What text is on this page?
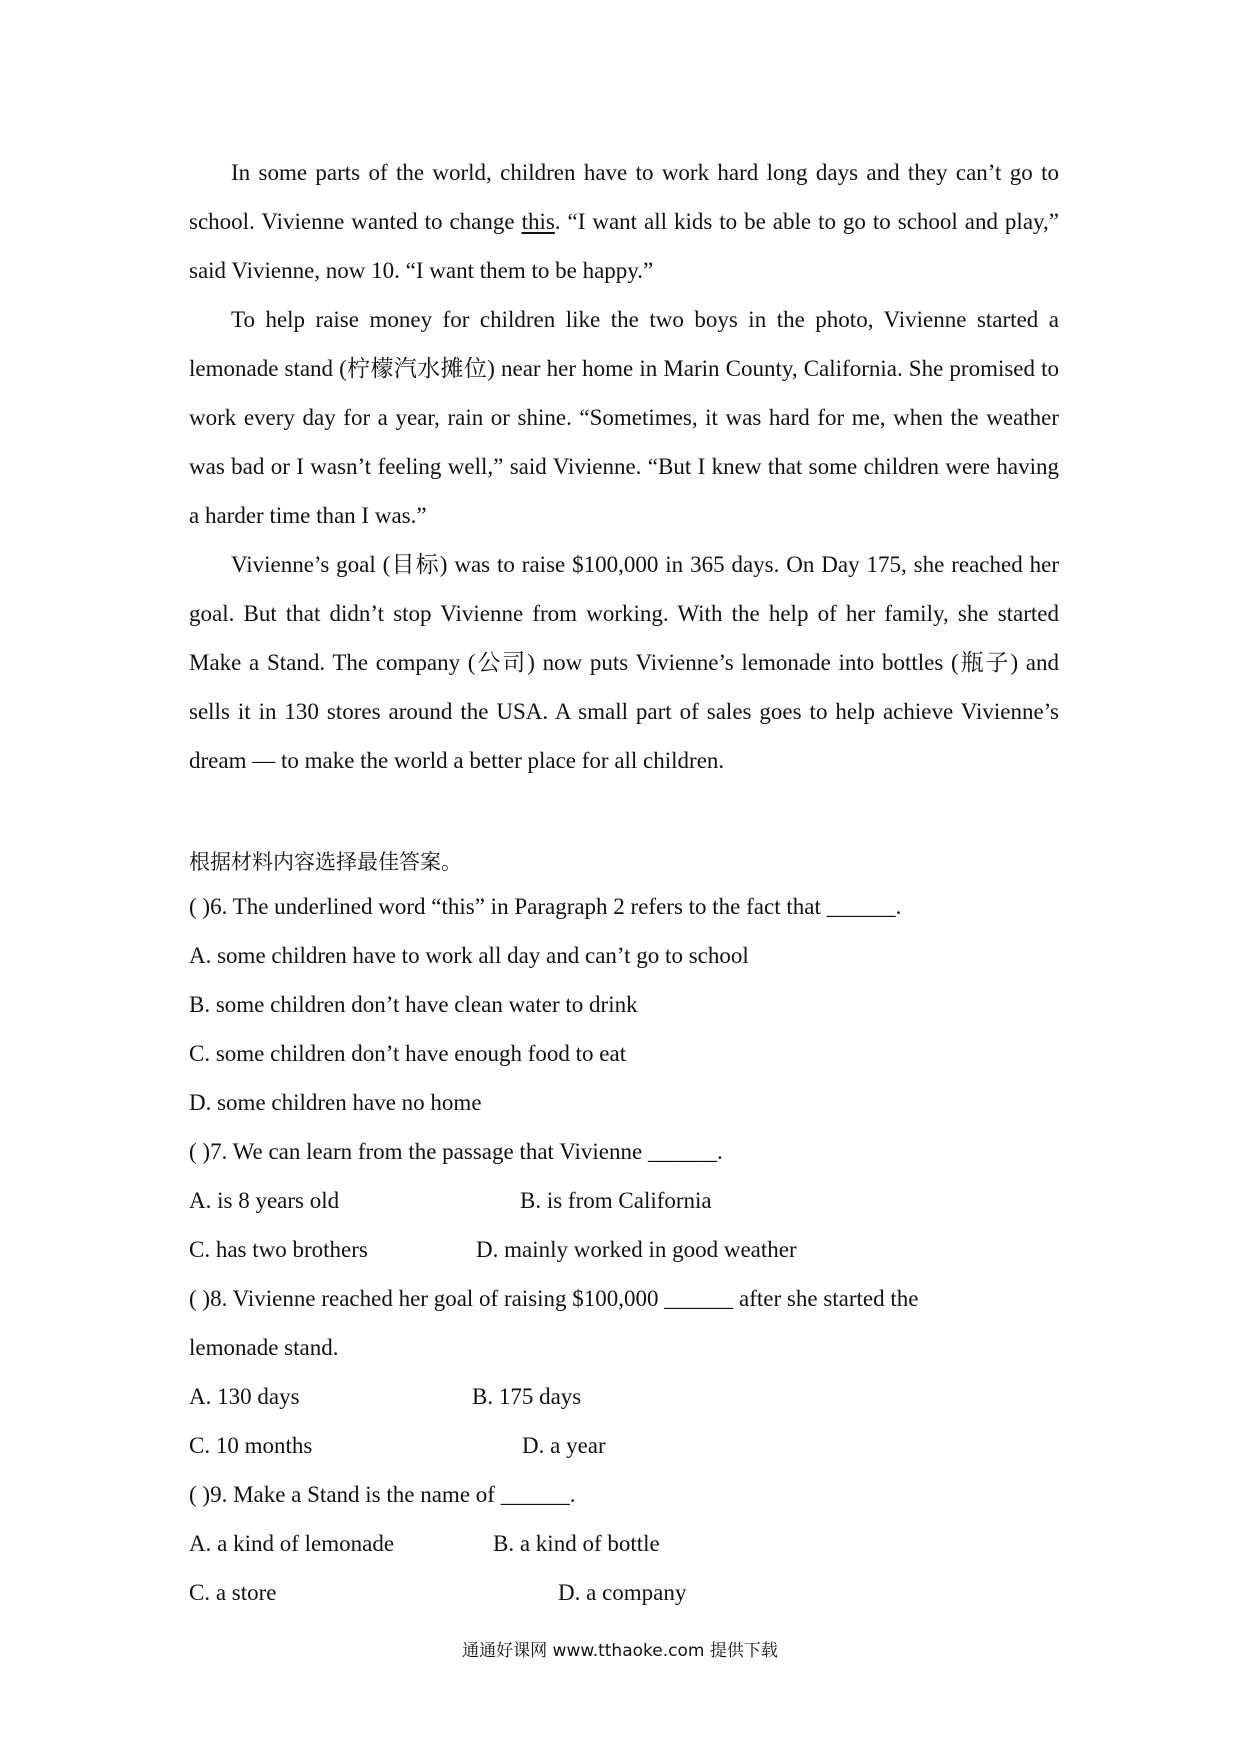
In some parts of the world, children have to work hard long days and they can’t go to school. Vivienne wanted to change this. “I want all kids to be able to go to school and play,” said Vivienne, now 10. “I want them to be happy.”
To help raise money for children like the two boys in the photo, Vivienne started a lemonade stand (柠檬汽水摊位) near her home in Marin County, California. She promised to work every day for a year, rain or shine. “Sometimes, it was hard for me, when the weather was bad or I wasn’t feeling well,” said Vivienne. “But I knew that some children were having a harder time than I was.”
Vivienne’s goal (目标) was to raise $100,000 in 365 days. On Day 175, she reached her goal. But that didn’t stop Vivienne from working. With the help of her family, she started Make a Stand. The company (公司) now puts Vivienne’s lemonade into bottles (瓶子) and sells it in 130 stores around the USA. A small part of sales goes to help achieve Vivienne’s dream — to make the world a better place for all children.
根据材料内容选择最佳答案。
( )6. The underlined word “this” in Paragraph 2 refers to the fact that ______.
A. some children have to work all day and can’t go to school
B. some children don’t have clean water to drink
C. some children don’t have enough food to eat
D. some children have no home
( )7. We can learn from the passage that Vivienne ______.
A. is 8 years old	B. is from California
C. has two brothers	D. mainly worked in good weather
( )8. Vivienne reached her goal of raising $100,000 ______ after she started the
lemonade stand.
A. 130 days	B. 175 days
C. 10 months	D. a year
( )9. Make a Stand is the name of ______.
A. a kind of lemonade	B. a kind of bottle
C. a store	D. a company
通通好课网 www.tthaoke.com 提供下载
